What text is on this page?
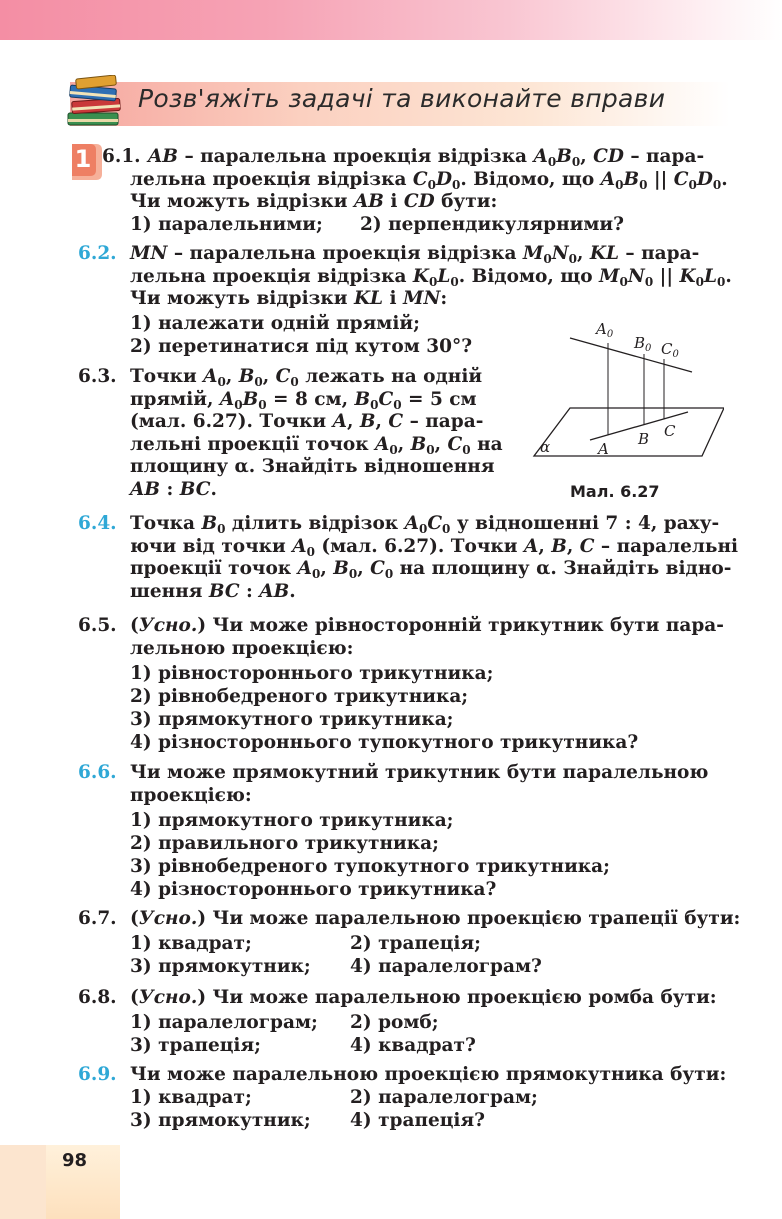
Розв'яжіть задачі та виконайте вправи
1 6.1. AB – паралельна проекція відрізка $A_0B_0$, CD – пара-
лельна проекція відрізка $C_0D_0$. Відомо, що $A_0B_0$ || $C_0D_0$.
Чи можуть відрізки AB і CD бути:
1) паралельними; 2) перпендикулярними?
6.2. MN – паралельна проекція відрізка $M_0N_0$, KL – пара-
лельна проекція відрізка $K_0L_0$. Відомо, що $M_0N_0$ || $K_0L_0$.
Чи можуть відрізки KL і MN:
1) належати одній прямій;
2) перетинатися під кутом 30°?
6.3. Точки $A_0$, $B_0$, $C_0$ лежать на одній
прямій, $A_0B_0 = 8$ см, $B_0C_0 = 5$ см
(мал. 6.27). Точки A, B, C – пара-
лельні проекції точок $A_0$, $B_0$, $C_0$ на
площину α. Знайдіть відношення
AB : BC.
$A_0$ $B_0$ $C_0$
A
B C
α
Мал. 6.27
6.4. Точка $B_0$ ділить відрізок $A_0C_0$ у відношенні 7 : 4, раху-
ючи від точки $A_0$ (мал. 6.27). Точки A, B, C – паралельні
проекції точок $A_0$, $B_0$, $C_0$ на площину α. Знайдіть відно-
шення BC : AB.
6.5. (Усно.) Чи може рівносторонній трикутник бути пара-
лельною проекцією:
1) рівностороннього трикутника;
2) рівнобедреного трикутника;
3) прямокутного трикутника;
4) різностороннього тупокутного трикутника?
6.6. Чи може прямокутний трикутник бути паралельною
проекцією:
1) прямокутного трикутника;
2) правильного трикутника;
3) рівнобедреного тупокутного трикутника;
4) різностороннього трикутника?
6.7. (Усно.) Чи може паралельною проекцією трапеції бути:
1) квадрат;	2) трапеція;
3) прямокутник; 4) паралелограм?
6.8. (Усно.) Чи може паралельною проекцією ромба бути:
1) паралелограм; 2) ромб;
3) трапеція;	4) квадрат?
6.9. Чи може паралельною проекцією прямокутника бути:
1) квадрат;	2) паралелограм;
3) прямокутник; 4) трапеція?
98
